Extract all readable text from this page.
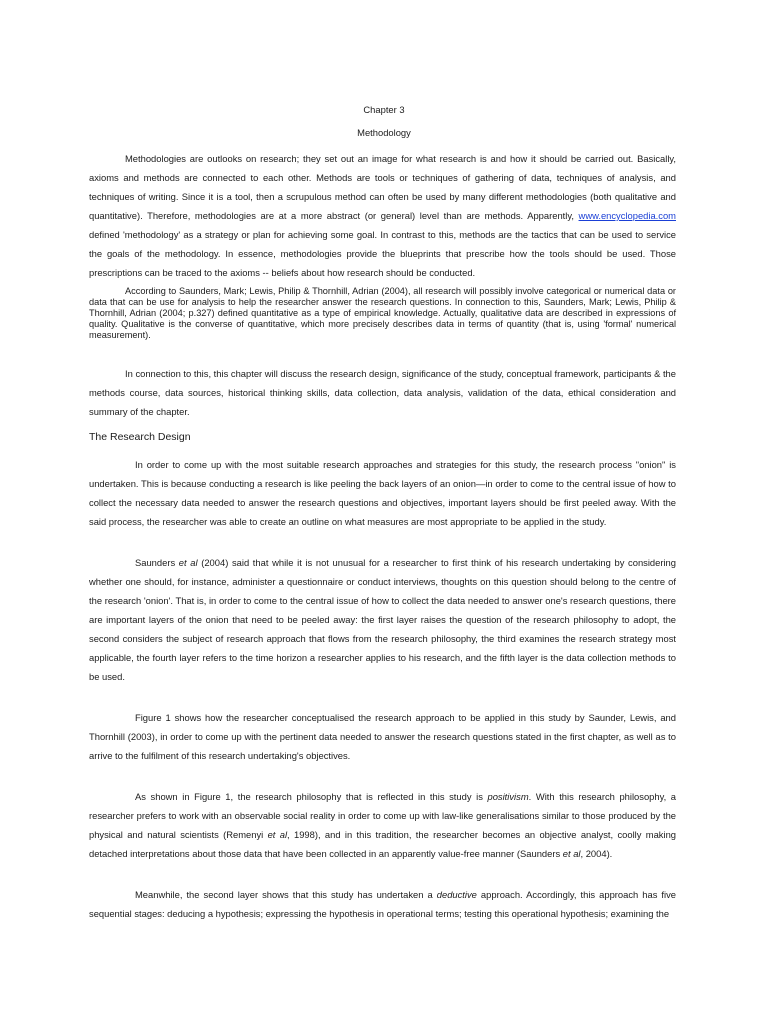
Chapter 3

Methodology

Methodologies are outlooks on research; they set out an image for what research is and how it should be carried out. Basically, axioms and methods are connected to each other. Methods are tools or techniques of gathering of data, techniques of analysis, and techniques of writing. Since it is a tool, then a scrupulous method can often be used by many different methodologies (both qualitative and quantitative). Therefore, methodologies are at a more abstract (or general) level than are methods. Apparently, www.encyclopedia.com defined 'methodology' as a strategy or plan for achieving some goal. In contrast to this, methods are the tactics that can be used to service the goals of the methodology. In essence, methodologies provide the blueprints that prescribe how the tools should be used. Those prescriptions can be traced to the axioms -- beliefs about how research should be conducted.

According to Saunders, Mark; Lewis, Philip & Thornhill, Adrian (2004), all research will possibly involve categorical or numerical data or data that can be use for analysis to help the researcher answer the research questions. In connection to this, Saunders, Mark; Lewis, Philip & Thornhill, Adrian (2004; p.327) defined quantitative as a type of empirical knowledge. Actually, qualitative data are described in expressions of quality. Qualitative is the converse of quantitative, which more precisely describes data in terms of quantity (that is, using 'formal' numerical measurement).

In connection to this, this chapter will discuss the research design, significance of the study, conceptual framework, participants & the methods course, data sources, historical thinking skills, data collection, data analysis, validation of the data, ethical consideration and summary of the chapter.

The Research Design

In order to come up with the most suitable research approaches and strategies for this study, the research process "onion" is undertaken. This is because conducting a research is like peeling the back layers of an onion—in order to come to the central issue of how to collect the necessary data needed to answer the research questions and objectives, important layers should be first peeled away. With the said process, the researcher was able to create an outline on what measures are most appropriate to be applied in the study.

Saunders et al (2004) said that while it is not unusual for a researcher to first think of his research undertaking by considering whether one should, for instance, administer a questionnaire or conduct interviews, thoughts on this question should belong to the centre of the research 'onion'. That is, in order to come to the central issue of how to collect the data needed to answer one's research questions, there are important layers of the onion that need to be peeled away: the first layer raises the question of the research philosophy to adopt, the second considers the subject of research approach that flows from the research philosophy, the third examines the research strategy most applicable, the fourth layer refers to the time horizon a researcher applies to his research, and the fifth layer is the data collection methods to be used.

Figure 1 shows how the researcher conceptualised the research approach to be applied in this study by Saunder, Lewis, and Thornhill (2003), in order to come up with the pertinent data needed to answer the research questions stated in the first chapter, as well as to arrive to the fulfilment of this research undertaking's objectives.

As shown in Figure 1, the research philosophy that is reflected in this study is positivism. With this research philosophy, a researcher prefers to work with an observable social reality in order to come up with law-like generalisations similar to those produced by the physical and natural scientists (Remenyi et al, 1998), and in this tradition, the researcher becomes an objective analyst, coolly making detached interpretations about those data that have been collected in an apparently value-free manner (Saunders et al, 2004).

Meanwhile, the second layer shows that this study has undertaken a deductive approach. Accordingly, this approach has five sequential stages: deducing a hypothesis; expressing the hypothesis in operational terms; testing this operational hypothesis; examining the
